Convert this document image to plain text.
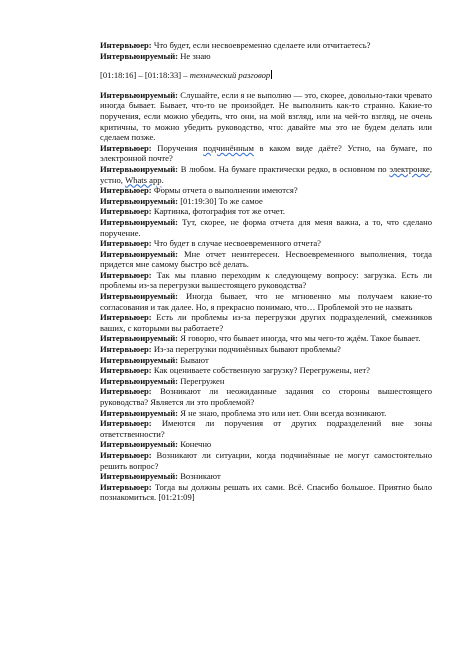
Интервьюер: Что будет, если несвоевременно сделаете или отчитаетесь?

Интервьюируемый: Не знаю

[01:18:16] – [01:18:33] – технический разговор

Интервьюируемый: Слушайте, если я не выполню — это, скорее, довольно-таки чревато иногда бывает. Бывает, что-то не произойдет. Не выполнить как-то странно. Какие-то поручения, если можно убедить, что они, на мой взгляд, или на чей-то взгляд, не очень критичны, то можно убедить руководство, что: давайте мы это не будем делать или сделаем позже.

Интервьюер: Поручения подчинённым в каком виде даёте? Устно, на бумаге, по электронной почте?

Интервьюируемый: В любом. На бумаге практически редко, в основном по электронке, устно, Whats app.

Интервьюер: Формы отчета о выполнении имеются?

Интервьюируемый: [01:19:30] То же самое

Интервьюер: Картинка, фотография тот же отчет.

Интервьюируемый: Тут, скорее, не форма отчета для меня важна, а то, что сделано поручение.

Интервьюер: Что будет в случае несвоевременного отчета?

Интервьюируемый: Мне отчет неинтересен. Несвоевременного выполнения, тогда придется мне самому быстро всё делать.

Интервьюер: Так мы плавно переходим к следующему вопросу: загрузка. Есть ли проблемы из-за перегрузки вышестоящего руководства?

Интервьюируемый: Иногда бывает, что не мгновенно мы получаем какие-то согласования и так далее. Но, я прекрасно понимаю, что… Проблемой это не назвать

Интервьюер: Есть ли проблемы из-за перегрузки других подразделений, смежников ваших, с которыми вы работаете?

Интервьюируемый: Я говорю, что бывает иногда, что мы чего-то ждём. Такое бывает.

Интервьюер: Из-за перегрузки подчинённых бывают проблемы?

Интервьюируемый: Бывают

Интервьюер: Как оцениваете собственную загрузку? Перегружены, нет?

Интервьюируемый: Перегружен

Интервьюер: Возникают ли неожиданные задания со стороны вышестоящего руководства? Является ли это проблемой?

Интервьюируемый: Я не знаю, проблема это или нет. Они всегда возникают.

Интервьюер: Имеются ли поручения от других подразделений вне зоны ответственности?

Интервьюируемый: Конечно

Интервьюер: Возникают ли ситуации, когда подчинённые не могут самостоятельно решить вопрос?

Интервьюируемый: Возникают

Интервьюер: Тогда вы должны решать их сами. Всё. Спасибо большое. Приятно было познакомиться. [01:21:09]
